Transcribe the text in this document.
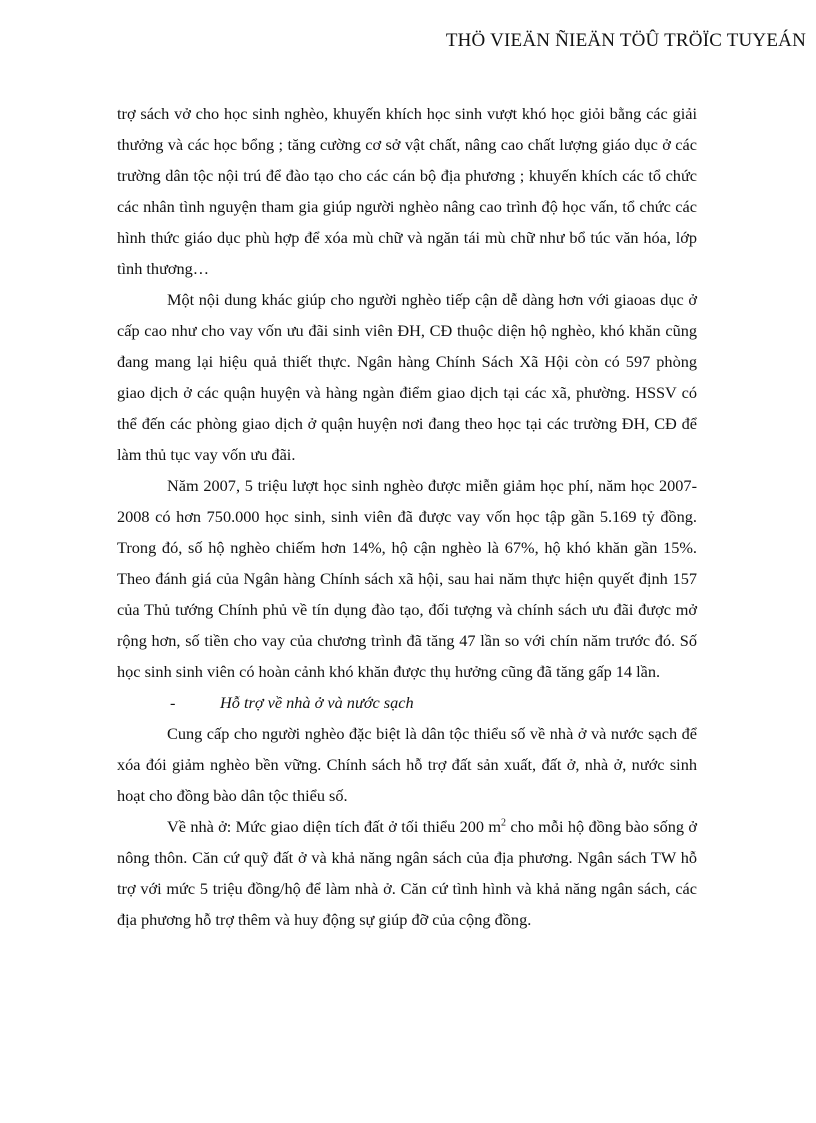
THÖ VIEÄN ÑIEÄN TÖÛ TRÖÏC TUYEÁN

trợ sách vở cho học sinh nghèo, khuyến khích học sinh vượt khó học giỏi bằng các giải thưởng và các học bổng ; tăng cường cơ sở vật chất, nâng cao chất lượng giáo dục ở các trường dân tộc nội trú để đào tạo cho các cán bộ địa phương ; khuyến khích các tổ chức các nhân tình nguyện tham gia giúp người nghèo nâng cao trình độ học vấn, tổ chức các hình thức giáo dục phù hợp để xóa mù chữ và ngăn tái mù chữ như bổ túc văn hóa, lớp tình thương…

Một nội dung khác giúp cho người nghèo tiếp cận dễ dàng hơn với giaoas dục ở cấp cao như cho vay vốn ưu đãi sinh viên ĐH, CĐ thuộc diện hộ nghèo, khó khăn cũng đang mang lại hiệu quả thiết thực. Ngân hàng Chính Sách Xã Hội còn có 597 phòng giao dịch ở các quận huyện và hàng ngàn điểm giao dịch tại các xã, phường. HSSV có thể đến các phòng giao dịch ở quận huyện nơi đang theo học tại các trường ĐH, CĐ để làm thủ tục vay vốn ưu đãi.

Năm 2007, 5 triệu lượt học sinh nghèo được miễn giảm học phí, năm học 2007-2008 có hơn 750.000 học sinh, sinh viên đã được vay vốn học tập gần 5.169 tỷ đồng. Trong đó, số hộ nghèo chiếm hơn 14%, hộ cận nghèo là 67%, hộ khó khăn gần 15%. Theo đánh giá của Ngân hàng Chính sách xã hội, sau hai năm thực hiện quyết định 157 của Thủ tướng Chính phủ về tín dụng đào tạo, đối tượng và chính sách ưu đãi được mở rộng hơn, số tiền cho vay của chương trình đã tăng 47 lần so với chín năm trước đó. Số học sinh sinh viên có hoàn cảnh khó khăn được thụ hưởng cũng đã tăng gấp 14 lần.

-	Hỗ trợ về nhà ở và nước sạch

Cung cấp cho người nghèo đặc biệt là dân tộc thiểu số về nhà ở và nước sạch để xóa đói giảm nghèo bền vững. Chính sách hỗ trợ đất sản xuất, đất ở, nhà ở, nước sinh hoạt cho đồng bào dân tộc thiểu số.

Về nhà ở: Mức giao diện tích đất ở tối thiểu 200 $m^2$ cho mỗi hộ đồng bào sống ở nông thôn. Căn cứ quỹ đất ở và khả năng ngân sách của địa phương. Ngân sách TW hỗ trợ với mức 5 triệu đồng/hộ để làm nhà ở. Căn cứ tình hình và khả năng ngân sách, các địa phương hỗ trợ thêm và huy động sự giúp đỡ của cộng đồng.
